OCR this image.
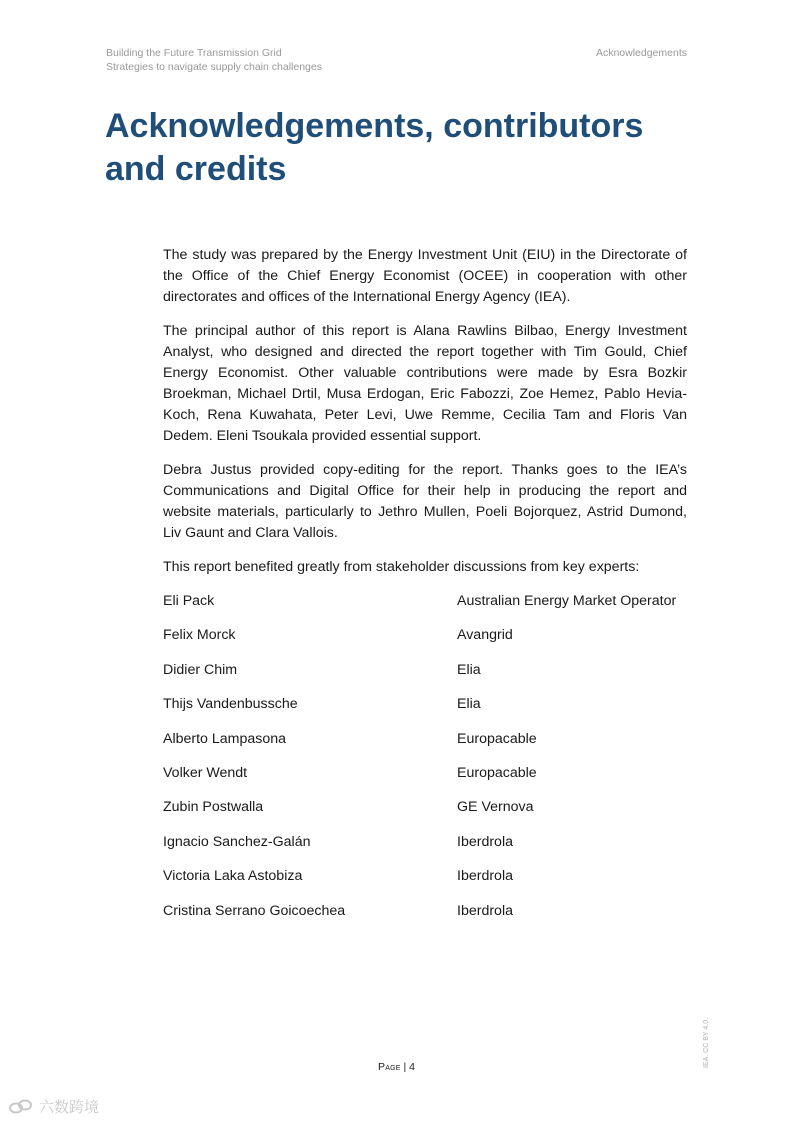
Building the Future Transmission Grid
Strategies to navigate supply chain challenges
Acknowledgements
Acknowledgements, contributors and credits

The study was prepared by the Energy Investment Unit (EIU) in the Directorate of the Office of the Chief Energy Economist (OCEE) in cooperation with other directorates and offices of the International Energy Agency (IEA).

The principal author of this report is Alana Rawlins Bilbao, Energy Investment Analyst, who designed and directed the report together with Tim Gould, Chief Energy Economist. Other valuable contributions were made by Esra Bozkir Broekman, Michael Drtil, Musa Erdogan, Eric Fabozzi, Zoe Hemez, Pablo Hevia-Koch, Rena Kuwahata, Peter Levi, Uwe Remme, Cecilia Tam and Floris Van Dedem. Eleni Tsoukala provided essential support.

Debra Justus provided copy-editing for the report. Thanks goes to the IEA’s Communications and Digital Office for their help in producing the report and website materials, particularly to Jethro Mullen, Poeli Bojorquez, Astrid Dumond, Liv Gaunt and Clara Vallois.

This report benefited greatly from stakeholder discussions from key experts:

Eli Pack	Australian Energy Market Operator
Felix Morck	Avangrid
Didier Chim	Elia
Thijs Vandenbussche	Elia
Alberto Lampasona	Europacable
Volker Wendt	Europacable
Zubin Postwalla	GE Vernova
Ignacio Sanchez-Galán	Iberdrola
Victoria Laka Astobiza	Iberdrola
Cristina Serrano Goicoechea	Iberdrola
Page | 4	IEA. CC BY 4.0.
六数跨境
